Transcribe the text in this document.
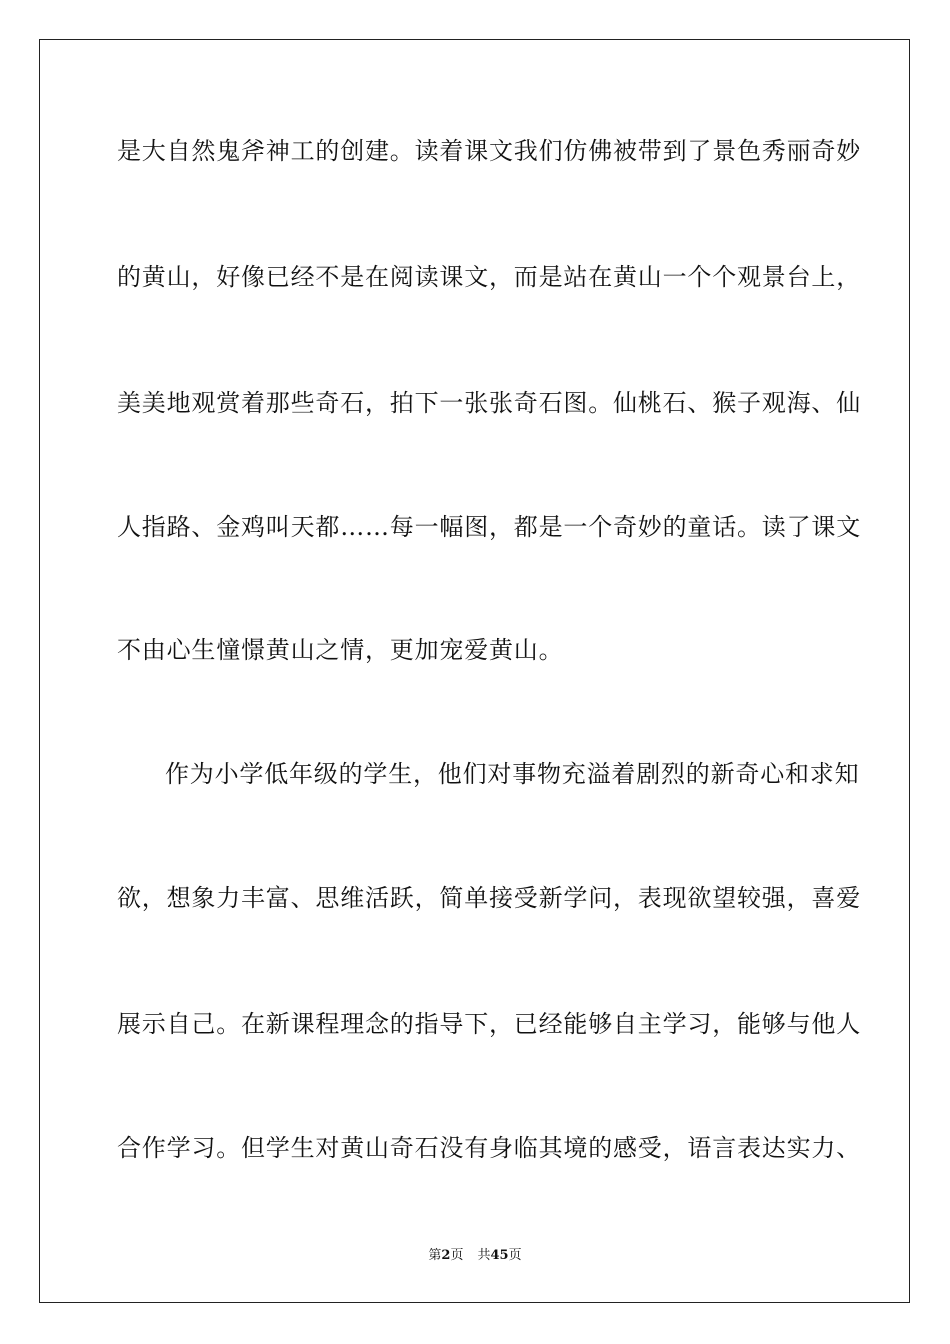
是大自然鬼斧神工的创建。读着课文我们仿佛被带到了景色秀丽奇妙
的黄山，好像已经不是在阅读课文，而是站在黄山一个个观景台上，
美美地观赏着那些奇石，拍下一张张奇石图。仙桃石、猴子观海、仙
人指路、金鸡叫天都……每一幅图，都是一个奇妙的童话。读了课文
不由心生憧憬黄山之情，更加宠爱黄山。
作为小学低年级的学生，他们对事物充溢着剧烈的新奇心和求知
欲，想象力丰富、思维活跃，简单接受新学问，表现欲望较强，喜爱
展示自己。在新课程理念的指导下，已经能够自主学习，能够与他人
合作学习。但学生对黄山奇石没有身临其境的感受，语言表达实力、
第2页 共45页
